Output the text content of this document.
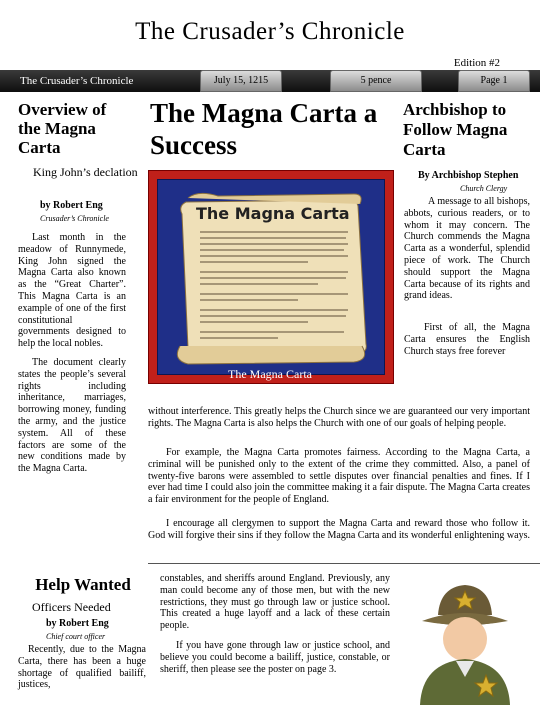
The Crusader’s Chronicle
Edition #2
The Crusader’s Chronicle	July 15, 1215	5 pence	Page 1
Overview of the Magna Carta
King John’s declation
by Robert Eng
Crusader’s Chronicle
Last month in the meadow of Runnymede, King John signed the Magna Carta also known as the “Great Charter”. This Magna Carta is an example of one of the first constitutional governments designed to help the local nobles.
The document clearly states the people’s several rights including inheritance, marriages, borrowing money, funding the army, and the justice system. All of these factors are some of the new conditions made by the Magna Carta.
The Magna Carta a Success
The Magna Carta
The Magna Carta
without interference. This greatly helps the Church since we are guaranteed our very important rights. The Magna Carta is also helps the Church with one of our goals of helping people.
For example, the Magna Carta promotes fairness. According to the Magna Carta, a criminal will be punished only to the extent of the crime they committed. Also, a panel of twenty-five barons were assembled to settle disputes over financial penalties and fines. If I ever had time I could also join the committee making it a fair dispute. The Magna Carta creates a fair environment for the people of England.
I encourage all clergymen to support the Magna Carta and reward those who follow it. God will forgive their sins if they follow the Magna Carta and its wonderful enlightening ways.
Archbishop to Follow Magna Carta
By Archbishop Stephen
Church Clergy
A message to all bishops, abbots, curious readers, or to whom it may concern. The Church commends the Magna Carta as a wonderful, splendid piece of work. The Church should support the Magna Carta because of its rights and grand ideas.
First of all, the Magna Carta ensures the English Church stays free forever
Help Wanted
Officers Needed
by Robert Eng
Chief court officer
Recently, due to the Magna Carta, there has been a huge shortage of qualified bailiff, justices,
constables, and sheriffs around England. Previously, any man could become any of those men, but with the new restrictions, they must go through law or justice school. This created a huge layoff and a lack of these certain people.
If you have gone through law or justice school, and believe you could become a bailiff, justice, constable, or sheriff, then please see the poster on page 3.
